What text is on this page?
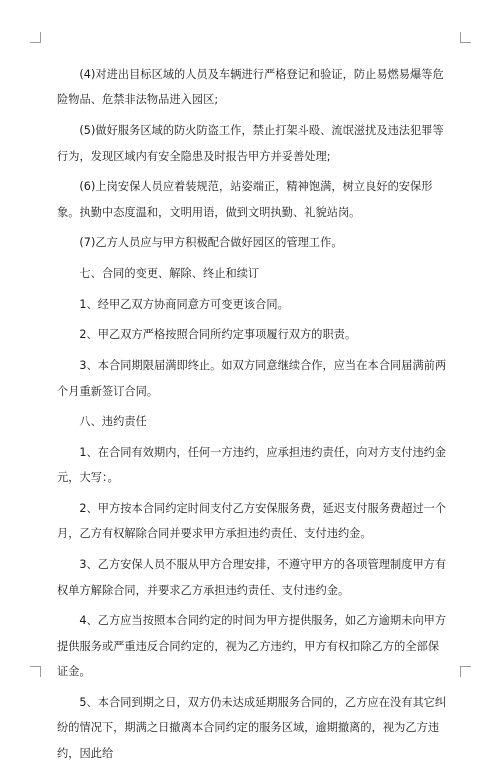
(4)对进出目标区域的人员及车辆进行严格登记和验证，防止易燃易爆等危险物品、危禁非法物品进入园区;

(5)做好服务区域的防火防盗工作，禁止打架斗殴、流氓滋扰及违法犯罪等行为，发现区域内有安全隐患及时报告甲方并妥善处理;

(6)上岗安保人员应着装规范，站姿端正，精神饱满，树立良好的安保形象。执勤中态度温和，文明用语，做到文明执勤、礼貌站岗。

(7)乙方人员应与甲方积极配合做好园区的管理工作。

七、合同的变更、解除、终止和续订

1、经甲乙双方协商同意方可变更该合同。

2、甲乙双方严格按照合同所约定事项履行双方的职责。

3、本合同期限届满即终止。如双方同意继续合作，应当在本合同届满前两个月重新签订合同。

八、违约责任

1、在合同有效期内，任何一方违约，应承担违约责任，向对方支付违约金元，大写：。

2、甲方按本合同约定时间支付乙方安保服务费，延迟支付服务费超过一个月，乙方有权解除合同并要求甲方承担违约责任、支付违约金。

3、乙方安保人员不服从甲方合理安排，不遵守甲方的各项管理制度甲方有权单方解除合同，并要求乙方承担违约责任、支付违约金。

4、乙方应当按照本合同约定的时间为甲方提供服务，如乙方逾期未向甲方提供服务或严重违反合同约定的，视为乙方违约，甲方有权扣除乙方的全部保证金。

5、本合同到期之日，双方仍未达成延期服务合同的，乙方应在没有其它纠纷的情况下，期满之日撤离本合同约定的服务区域，逾期撤离的，视为乙方违约，因此给
